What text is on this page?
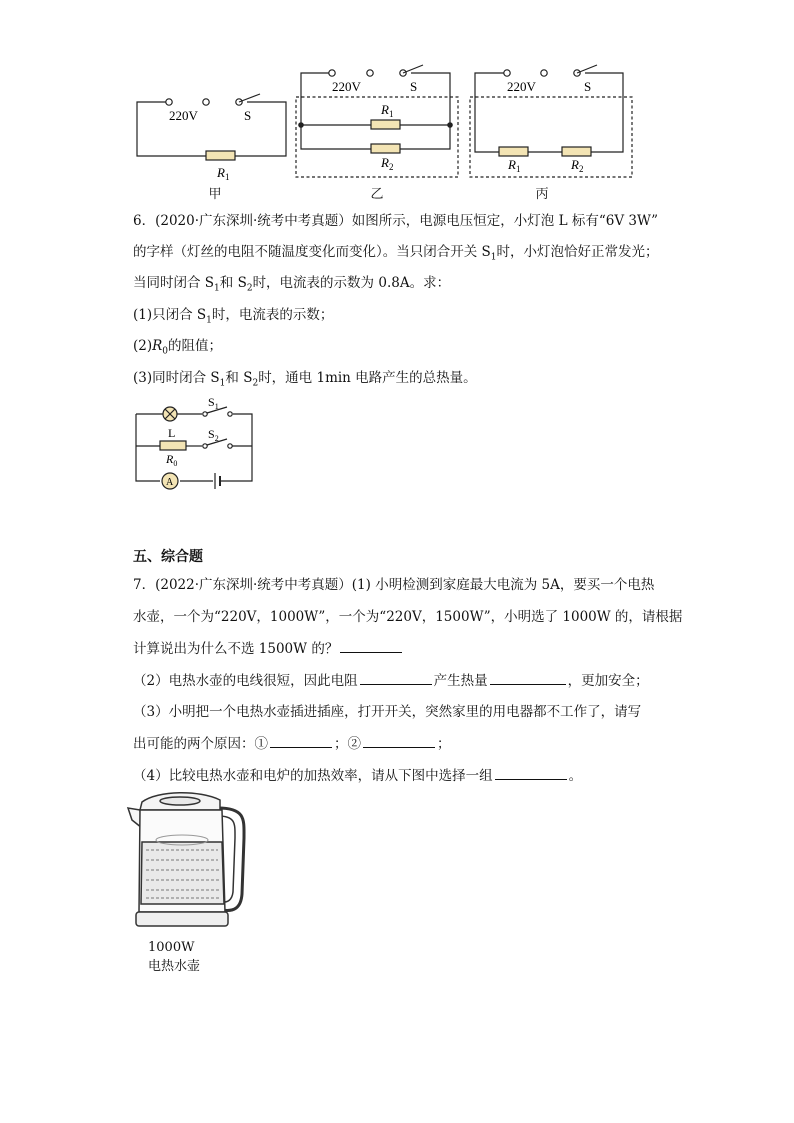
220V	S
$R_1$
220V	S
$R_1$
$R_2$
220V	S
$R_1$	$R_2$
甲	乙	丙
6．(2020·广东深圳·统考中考真题）如图所示，电源电压恒定，小灯泡 L 标有“6V 3W”
的字样（灯丝的电阻不随温度变化而变化）。当只闭合开关 $S_1$时，小灯泡恰好正常发光；
当同时闭合 $S_1$和 $S_2$时，电流表的示数为 0.8A。求：
(1)只闭合 $S_1$时，电流表的示数；
$(2)R_0$的阻值；
(3)同时闭合 $S_1$和 $S_2$时，通电 1min 电路产生的总热量。
A
$S_1$
$S_2$
L
$R_0$
五、综合题
7．(2022·广东深圳·统考中考真题）(1) 小明检测到家庭最大电流为 5A，要买一个电热
水壶，一个为“220V，1000W”，一个为“220V，1500W”，小明选了 1000W 的，请根据
计算说出为什么不选 1500W 的？
（2）电热水壶的电线很短，因此电阻	产生热量	，更加安全；
（3）小明把一个电热水壶插进插座，打开开关，突然家里的用电器都不工作了，请写
出可能的两个原因：①	；②	；
（4）比较电热水壶和电炉的加热效率，请从下图中选择一组	。
1000W
电热水壶
